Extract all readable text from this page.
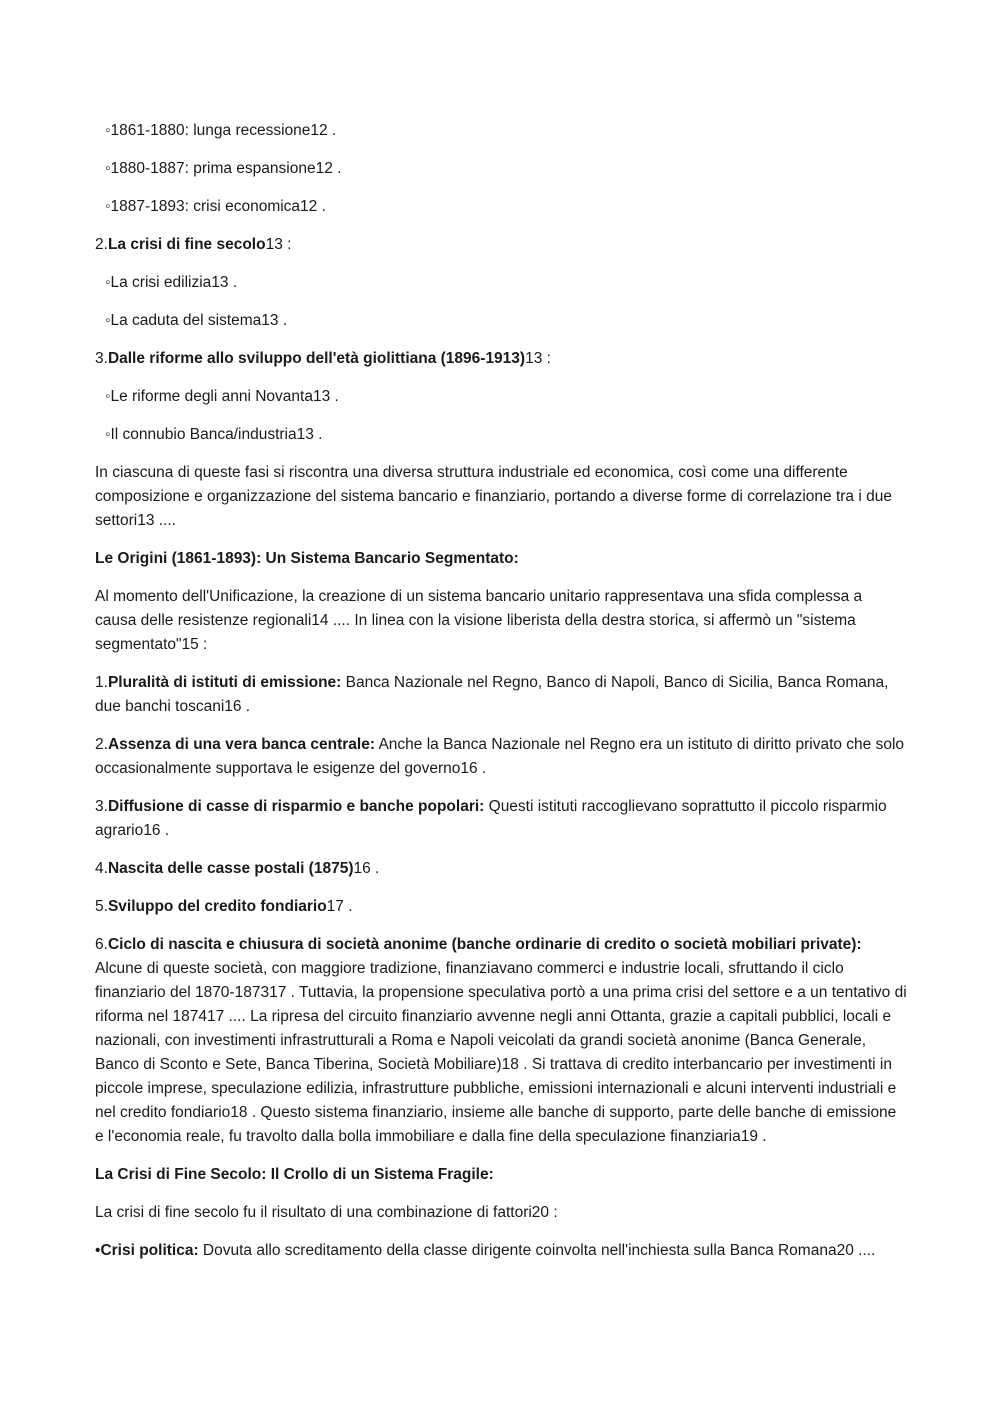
◦1861-1880: lunga recessione12 .
◦1880-1887: prima espansione12 .
◦1887-1893: crisi economica12 .
2.La crisi di fine secolo13 :
◦La crisi edilizia13 .
◦La caduta del sistema13 .
3.Dalle riforme allo sviluppo dell'età giolittiana (1896-1913)13 :
◦Le riforme degli anni Novanta13 .
◦Il connubio Banca/industria13 .

In ciascuna di queste fasi si riscontra una diversa struttura industriale ed economica, così come una differente composizione e organizzazione del sistema bancario e finanziario, portando a diverse forme di correlazione tra i due settori13 ....

Le Origini (1861-1893): Un Sistema Bancario Segmentato:

Al momento dell'Unificazione, la creazione di un sistema bancario unitario rappresentava una sfida complessa a causa delle resistenze regionali14 .... In linea con la visione liberista della destra storica, si affermò un "sistema segmentato"15 :

1.Pluralità di istituti di emissione: Banca Nazionale nel Regno, Banco di Napoli, Banco di Sicilia, Banca Romana, due banchi toscani16 .
2.Assenza di una vera banca centrale: Anche la Banca Nazionale nel Regno era un istituto di diritto privato che solo occasionalmente supportava le esigenze del governo16 .
3.Diffusione di casse di risparmio e banche popolari: Questi istituti raccoglievano soprattutto il piccolo risparmio agrario16 .
4.Nascita delle casse postali (1875)16 .
5.Sviluppo del credito fondiario17 .
6.Ciclo di nascita e chiusura di società anonime (banche ordinarie di credito o società mobiliari private): Alcune di queste società, con maggiore tradizione, finanziavano commerci e industrie locali, sfruttando il ciclo finanziario del 1870-187317 . Tuttavia, la propensione speculativa portò a una prima crisi del settore e a un tentativo di riforma nel 187417 .... La ripresa del circuito finanziario avvenne negli anni Ottanta, grazie a capitali pubblici, locali e nazionali, con investimenti infrastrutturali a Roma e Napoli veicolati da grandi società anonime (Banca Generale, Banco di Sconto e Sete, Banca Tiberina, Società Mobiliare)18 . Si trattava di credito interbancario per investimenti in piccole imprese, speculazione edilizia, infrastrutture pubbliche, emissioni internazionali e alcuni interventi industriali e nel credito fondiario18 . Questo sistema finanziario, insieme alle banche di supporto, parte delle banche di emissione e l'economia reale, fu travolto dalla bolla immobiliare e dalla fine della speculazione finanziaria19 .

La Crisi di Fine Secolo: Il Crollo di un Sistema Fragile:

La crisi di fine secolo fu il risultato di una combinazione di fattori20 :

•Crisi politica: Dovuta allo screditamento della classe dirigente coinvolta nell'inchiesta sulla Banca Romana20 ....
